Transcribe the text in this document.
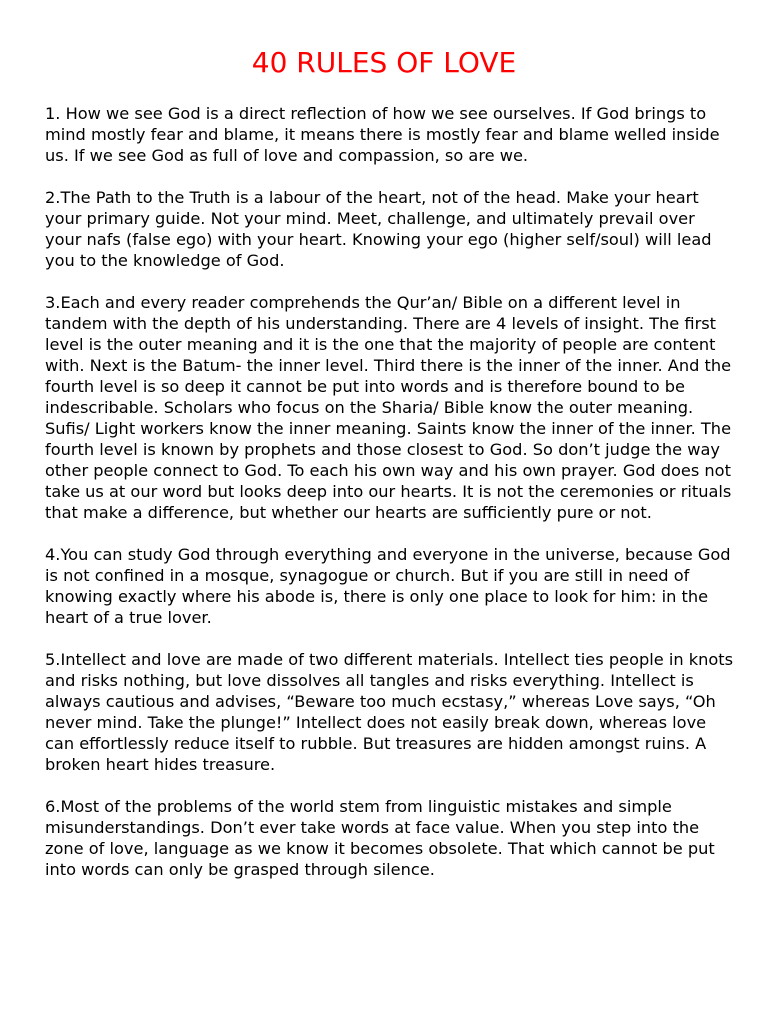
40 RULES OF LOVE

1. How we see God is a direct reflection of how we see ourselves. If God brings to mind mostly fear and blame, it means there is mostly fear and blame welled inside us. If we see God as full of love and compassion, so are we.

2.The Path to the Truth is a labour of the heart, not of the head. Make your heart your primary guide. Not your mind. Meet, challenge, and ultimately prevail over your nafs (false ego) with your heart. Knowing your ego (higher self/soul) will lead you to the knowledge of God.

3.Each and every reader comprehends the Qur’an/ Bible on a different level in tandem with the depth of his understanding. There are 4 levels of insight. The first level is the outer meaning and it is the one that the majority of people are content with. Next is the Batum- the inner level. Third there is the inner of the inner. And the fourth level is so deep it cannot be put into words and is therefore bound to be indescribable. Scholars who focus on the Sharia/ Bible know the outer meaning. Sufis/ Light workers know the inner meaning. Saints know the inner of the inner. The fourth level is known by prophets and those closest to God. So don’t judge the way other people connect to God. To each his own way and his own prayer. God does not take us at our word but looks deep into our hearts. It is not the ceremonies or rituals that make a difference, but whether our hearts are sufficiently pure or not.

4.You can study God through everything and everyone in the universe, because God is not confined in a mosque, synagogue or church. But if you are still in need of knowing exactly where his abode is, there is only one place to look for him: in the heart of a true lover.

5.Intellect and love are made of two different materials. Intellect ties people in knots and risks nothing, but love dissolves all tangles and risks everything. Intellect is always cautious and advises, “Beware too much ecstasy,” whereas Love says, “Oh never mind. Take the plunge!” Intellect does not easily break down, whereas love can effortlessly reduce itself to rubble. But treasures are hidden amongst ruins. A broken heart hides treasure.

6.Most of the problems of the world stem from linguistic mistakes and simple misunderstandings. Don’t ever take words at face value. When you step into the zone of love, language as we know it becomes obsolete. That which cannot be put into words can only be grasped through silence.
